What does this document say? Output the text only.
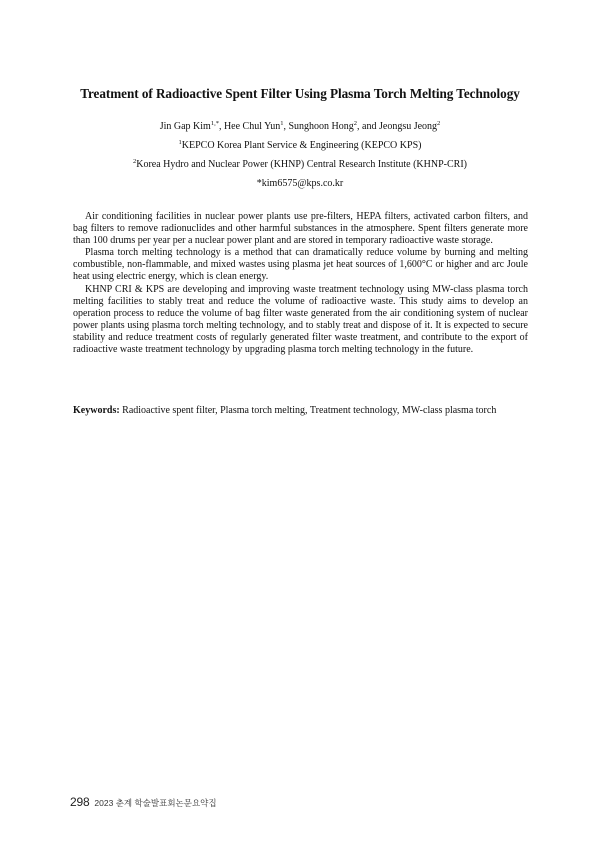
Treatment of Radioactive Spent Filter Using Plasma Torch Melting Technology
Jin Gap Kim$^{1,*}$, Hee Chul Yun$^1$, Sunghoon Hong$^2$, and Jeongsu Jeong$^2$
$^1$KEPCO Korea Plant Service & Engineering (KEPCO KPS)
$^2$Korea Hydro and Nuclear Power (KHNP) Central Research Institute (KHNP-CRI)
*kim6575@kps.co.kr

Air conditioning facilities in nuclear power plants use pre-filters, HEPA filters, activated carbon filters, and bag filters to remove radionuclides and other harmful substances in the atmosphere. Spent filters generate more than 100 drums per year per a nuclear power plant and are stored in temporary radioactive waste storage.

Plasma torch melting technology is a method that can dramatically reduce volume by burning and melting combustible, non-flammable, and mixed wastes using plasma jet heat sources of 1,600°C or higher and arc Joule heat using electric energy, which is clean energy.

KHNP CRI & KPS are developing and improving waste treatment technology using MW-class plasma torch melting facilities to stably treat and reduce the volume of radioactive waste. This study aims to develop an operation process to reduce the volume of bag filter waste generated from the air conditioning system of nuclear power plants using plasma torch melting technology, and to stably treat and dispose of it. It is expected to secure stability and reduce treatment costs of regularly generated filter waste treatment, and contribute to the export of radioactive waste treatment technology by upgrading plasma torch melting technology in the future.

Keywords: Radioactive spent filter, Plasma torch melting, Treatment technology, MW-class plasma torch
298 2023 춘계 학술발표회논문요약집
